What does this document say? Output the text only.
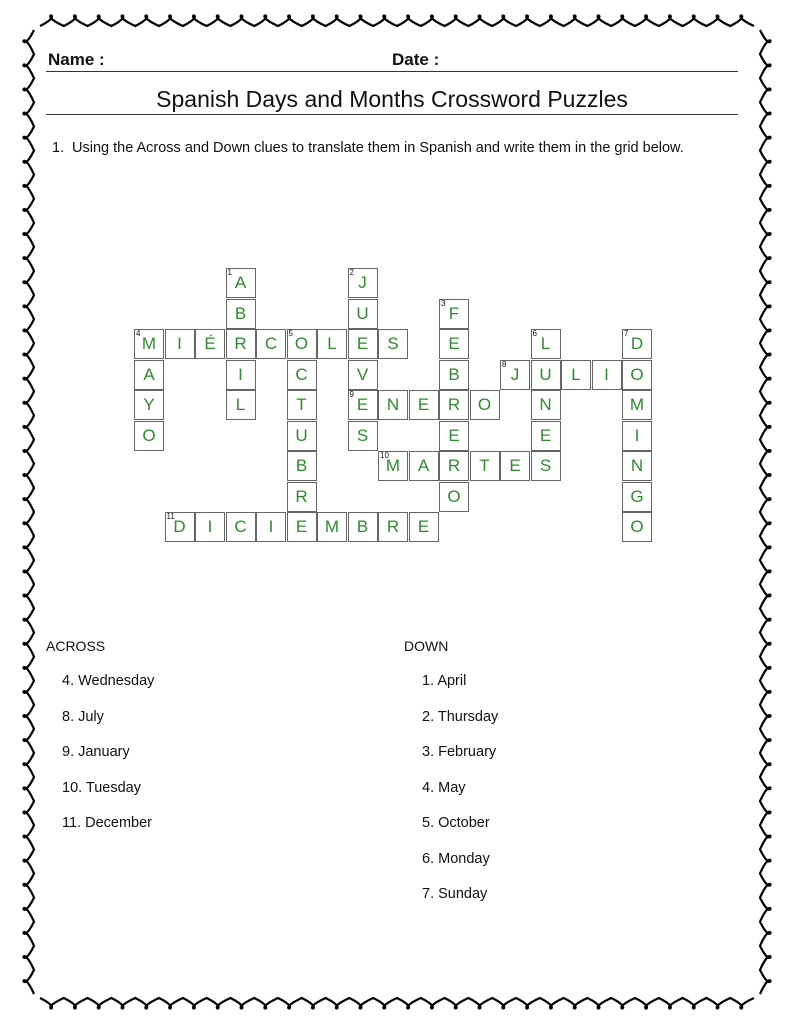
Name :	Date :
Spanish Days and Months Crossword Puzzles
1. Using the Across and Down clues to translate them in Spanish and write them in the grid below.
M
4
I É R C O
5
L E S
J
8
U L I O
E
9
N E R O
M
10
A R T E S
D
11
I C I E M B R E
A
1
B
I
L
J
2
U
V
S
F
3
E
B
E
O
A
Y
O
C
T
U
B
R
L
6
N
E
D
7
M
I
N
G
O
ACROSS
4. Wednesday
8. July
9. January
10. Tuesday
11. December
DOWN
1. April
2. Thursday
3. February
4. May
5. October
6. Monday
7. Sunday
